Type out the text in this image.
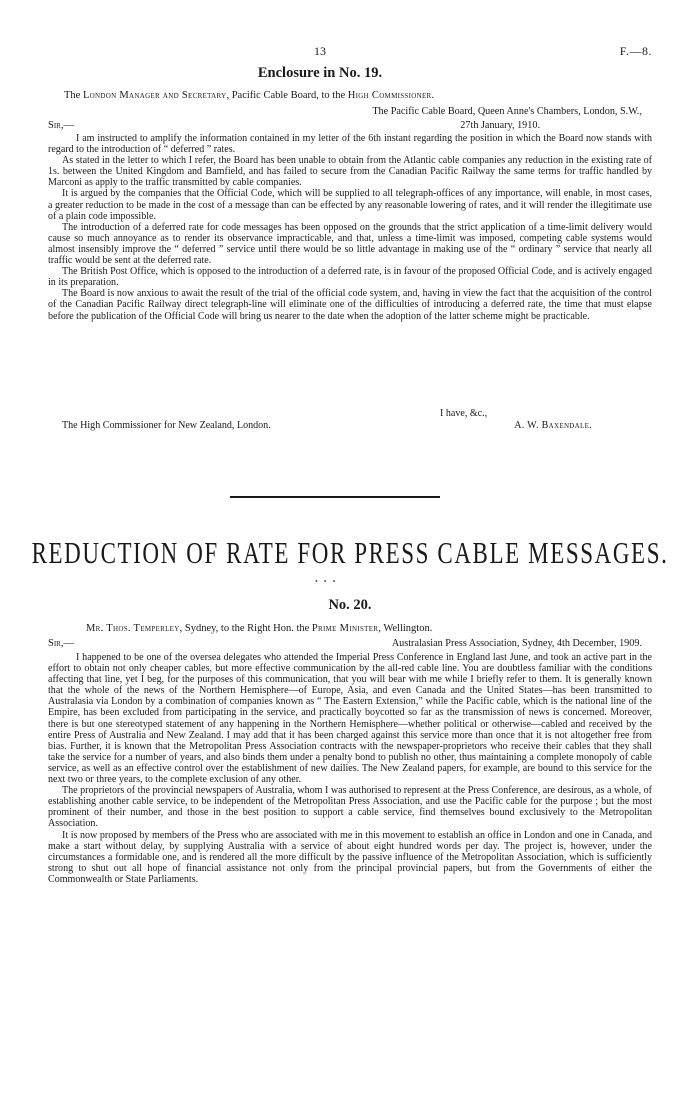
13	F.—8.
Enclosure in No. 19.
The London Manager and Secretary, Pacific Cable Board, to the High Commissioner.
The Pacific Cable Board, Queen Anne's Chambers, London, S.W.,
Sir,—	27th January, 1910.

I am instructed to amplify the information contained in my letter of the 6th instant regarding the position in which the Board now stands with regard to the introduction of “ deferred ” rates.

As stated in the letter to which I refer, the Board has been unable to obtain from the Atlantic cable companies any reduction in the existing rate of 1s. between the United Kingdom and Bamfield, and has failed to secure from the Canadian Pacific Railway the same terms for traffic handled by Marconi as apply to the traffic transmitted by cable companies.

It is argued by the companies that the Official Code, which will be supplied to all telegraph-offices of any importance, will enable, in most cases, a greater reduction to be made in the cost of a message than can be effected by any reasonable lowering of rates, and it will render the illegitimate use of a plain code impossible.

The introduction of a deferred rate for code messages has been opposed on the grounds that the strict application of a time-limit delivery would cause so much annoyance as to render its observance impracticable, and that, unless a time-limit was imposed, competing cable systems would almost insensibly improve the “ deferred ” service until there would be so little advantage in making use of the “ ordinary ” service that nearly all traffic would be sent at the deferred rate.

The British Post Office, which is opposed to the introduction of a deferred rate, is in favour of the proposed Official Code, and is actively engaged in its preparation.

The Board is now anxious to await the result of the trial of the official code system, and, having in view the fact that the acquisition of the control of the Canadian Pacific Railway direct telegraph-line will eliminate one of the difficulties of introducing a deferred rate, the time that must elapse before the publication of the Official Code will bring us nearer to the date when the adoption of the latter scheme might be practicable.

I have, &c.,
The High Commissioner for New Zealand, London.	A. W. Baxendale.
REDUCTION OF RATE FOR PRESS CABLE MESSAGES.
• • •
No. 20.
Mr. Thos. Temperley, Sydney, to the Right Hon. the Prime Minister, Wellington.
Sir,—	Australasian Press Association, Sydney, 4th December, 1909.

I happened to be one of the oversea delegates who attended the Imperial Press Conference in England last June, and took an active part in the effort to obtain not only cheaper cables, but more effective communication by the all-red cable line. You are doubtless familiar with the conditions affecting that line, yet I beg, for the purposes of this communication, that you will bear with me while I briefly refer to them. It is generally known that the whole of the news of the Northern Hemisphere—of Europe, Asia, and even Canada and the United States—has been transmitted to Australasia via London by a combination of companies known as “ The Eastern Extension,” while the Pacific cable, which is the national line of the Empire, has been excluded from participating in the service, and practically boycotted so far as the transmission of news is concerned. Moreover, there is but one stereotyped statement of any happening in the Northern Hemisphere—whether political or otherwise—cabled and received by the entire Press of Australia and New Zealand. I may add that it has been charged against this service more than once that it is not altogether free from bias. Further, it is known that the Metropolitan Press Association contracts with the newspaper-proprietors who receive their cables that they shall take the service for a number of years, and also binds them under a penalty bond to publish no other, thus maintaining a complete monopoly of cable service, as well as an effective control over the establishment of new dailies. The New Zealand papers, for example, are bound to this service for the next two or three years, to the complete exclusion of any other.

The proprietors of the provincial newspapers of Australia, whom I was authorised to represent at the Press Conference, are desirous, as a whole, of establishing another cable service, to be independent of the Metropolitan Press Association, and use the Pacific cable for the purpose ; but the most prominent of their number, and those in the best position to support a cable service, find themselves bound exclusively to the Metropolitan Association.

It is now proposed by members of the Press who are associated with me in this movement to establish an office in London and one in Canada, and make a start without delay, by supplying Australia with a service of about eight hundred words per day. The project is, however, under the circumstances a formidable one, and is rendered all the more difficult by the passive influence of the Metropolitan Association, which is sufficiently strong to shut out all hope of financial assistance not only from the principal provincial papers, but from the Governments of either the Commonwealth or State Parliaments.
